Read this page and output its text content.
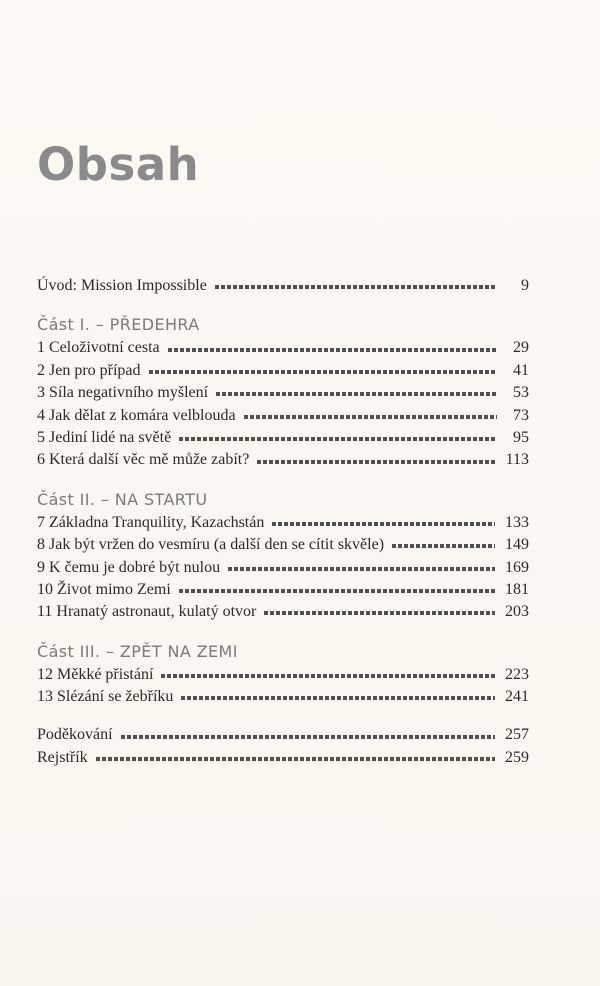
Obsah
Úvod: Mission Impossible	9
Část I. – PŘEDEHRA
1 Celoživotní cesta	29
2 Jen pro případ	41
3 Síla negativního myšlení	53
4 Jak dělat z komára velblouda	73
5 Jediní lidé na světě	95
6 Která další věc mě může zabít?	113
Část II. – NA STARTU
7 Základna Tranquility, Kazachstán	133
8 Jak být vržen do vesmíru (a další den se cítit skvěle)	149
9 K čemu je dobré být nulou	169
10 Život mimo Zemi	181
11 Hranatý astronaut, kulatý otvor	203
Část III. – ZPĚT NA ZEMI
12 Měkké přistání	223
13 Slézání se žebříku	241
Poděkování	257
Rejstřík	259
